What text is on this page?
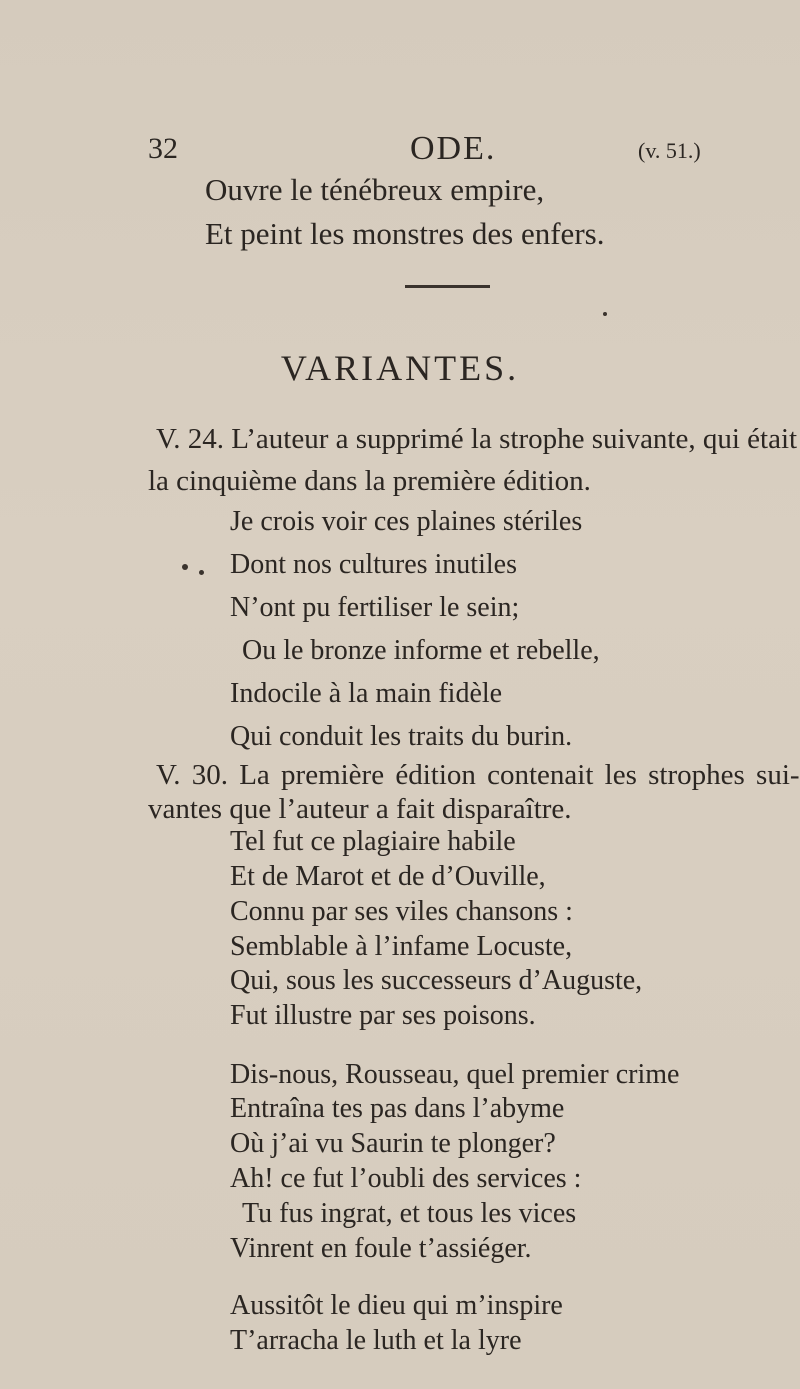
32	ODE.	(v. 51.)
Ouvre le ténébreux empire,
Et peint les monstres des enfers.
VARIANTES.
V. 24. L’auteur a supprimé la strophe suivante, qui était
la cinquième dans la première édition.
Je crois voir ces plaines stériles
Dont nos cultures inutiles
N’ont pu fertiliser le sein;
Ou le bronze informe et rebelle,
Indocile à la main fidèle
Qui conduit les traits du burin.
V. 30. La première édition contenait les strophes sui-
vantes que l’auteur a fait disparaître.
Tel fut ce plagiaire habile
Et de Marot et de d’Ouville,
Connu par ses viles chansons :
Semblable à l’infame Locuste,
Qui, sous les successeurs d’Auguste,
Fut illustre par ses poisons.
Dis-nous, Rousseau, quel premier crime
Entraîna tes pas dans l’abyme
Où j’ai vu Saurin te plonger?
Ah! ce fut l’oubli des services :
Tu fus ingrat, et tous les vices
Vinrent en foule t’assiéger.
Aussitôt le dieu qui m’inspire
T’arracha le luth et la lyre
